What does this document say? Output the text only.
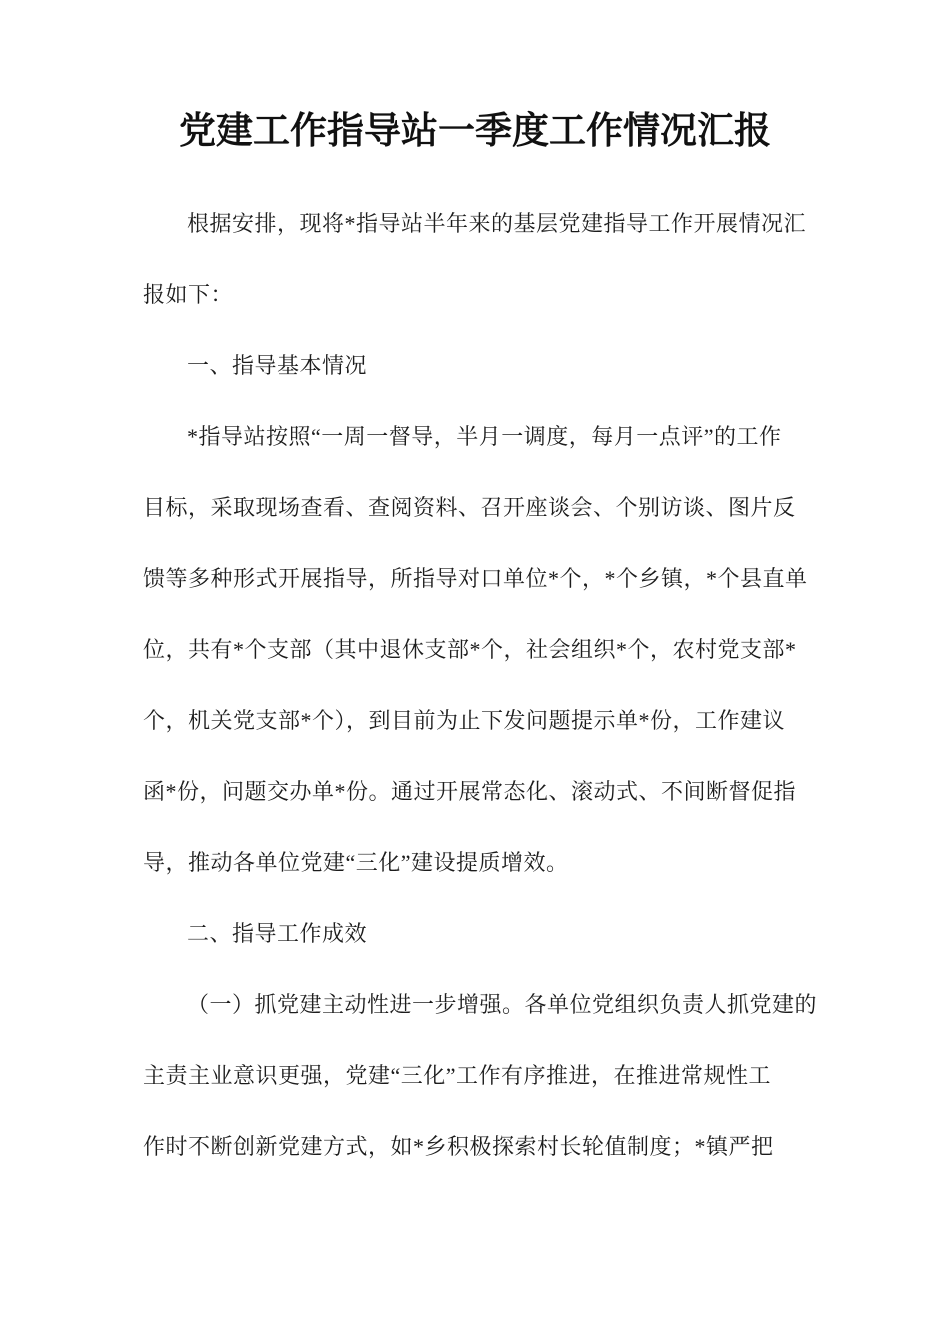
党建工作指导站一季度工作情况汇报
根据安排，现将*指导站半年来的基层党建指导工作开展情况汇
报如下：
一、指导基本情况
*指导站按照“一周一督导，半月一调度，每月一点评”的工作
目标，采取现场查看、查阅资料、召开座谈会、个别访谈、图片反
馈等多种形式开展指导，所指导对口单位*个，*个乡镇，*个县直单
位，共有*个支部（其中退休支部*个，社会组织*个，农村党支部*
个，机关党支部*个），到目前为止下发问题提示单*份，工作建议
函*份，问题交办单*份。通过开展常态化、滚动式、不间断督促指
导，推动各单位党建“三化”建设提质增效。
二、指导工作成效
（一）抓党建主动性进一步增强。各单位党组织负责人抓党建的
主责主业意识更强，党建“三化”工作有序推进，在推进常规性工
作时不断创新党建方式，如*乡积极探索村长轮值制度；*镇严把
